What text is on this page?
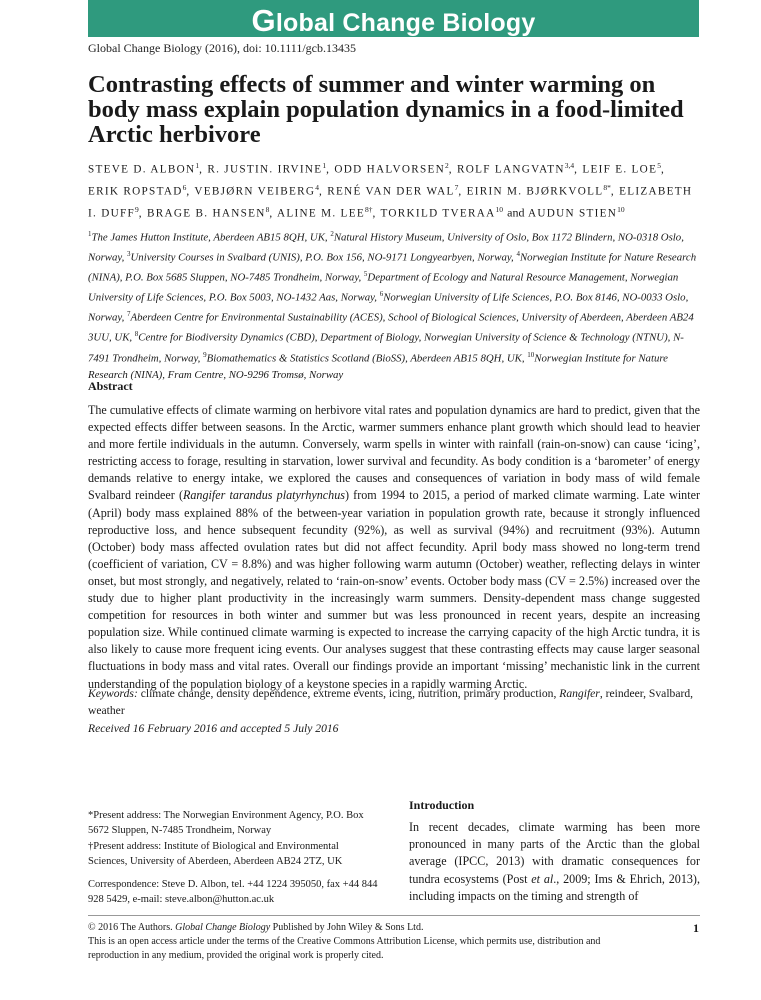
Global Change Biology
Global Change Biology (2016), doi: 10.1111/gcb.13435
Contrasting effects of summer and winter warming on body mass explain population dynamics in a food-limited Arctic herbivore
STEVE D. ALBON$^1$, R. JUSTIN. IRVINE$^1$, ODD HALVORSEN$^2$, ROLF LANGVATN$^{3,4}$, LEIF E. LOE$^5$, ERIK ROPSTAD$^6$, VEBJØRN VEIBERG$^4$, RENÉ VAN DER WAL$^7$, EIRIN M. $BJØRKVOLL^{8*}$, ELIZABETH I. DUFF$^9$, BRAGE B. HANSEN$^8$, ALINE M. $LEE^{8\dagger}$, TORKILD TVERAA$^{10}$ and AUDUN STIEN$^{10}$
$^1$The James Hutton Institute, Aberdeen AB15 8QH, UK, $^2$Natural History Museum, University of Oslo, Box 1172 Blindern, NO-0318 Oslo, Norway, $^3$University Courses in Svalbard (UNIS), P.O. Box 156, NO-9171 Longyearbyen, Norway, $^4$Norwegian Institute for Nature Research (NINA), P.O. Box 5685 Sluppen, NO-7485 Trondheim, Norway, $^5$Department of Ecology and Natural Resource Management, Norwegian University of Life Sciences, P.O. Box 5003, NO-1432 Aas, Norway, $^6$Norwegian University of Life Sciences, P.O. Box 8146, NO-0033 Oslo, Norway, $^7$Aberdeen Centre for Environmental Sustainability (ACES), School of Biological Sciences, University of Aberdeen, Aberdeen AB24 3UU, UK, $^8$Centre for Biodiversity Dynamics (CBD), Department of Biology, Norwegian University of Science & Technology (NTNU), N-7491 Trondheim, Norway, $^9$Biomathematics & Statistics Scotland (BioSS), Aberdeen AB15 8QH, UK, $^{10}$Norwegian Institute for Nature Research (NINA), Fram Centre, NO-9296 Tromsø, Norway
Abstract
The cumulative effects of climate warming on herbivore vital rates and population dynamics are hard to predict, given that the expected effects differ between seasons. In the Arctic, warmer summers enhance plant growth which should lead to heavier and more fertile individuals in the autumn. Conversely, warm spells in winter with rainfall (rain-on-snow) can cause ‘icing’, restricting access to forage, resulting in starvation, lower survival and fecundity. As body condition is a ‘barometer’ of energy demands relative to energy intake, we explored the causes and consequences of variation in body mass of wild female Svalbard reindeer (Rangifer tarandus platyrhynchus) from 1994 to 2015, a period of marked climate warming. Late winter (April) body mass explained 88% of the between-year variation in population growth rate, because it strongly influenced reproductive loss, and hence subsequent fecundity (92%), as well as survival (94%) and recruitment (93%). Autumn (October) body mass affected ovulation rates but did not affect fecundity. April body mass showed no long-term trend (coefficient of variation, CV = 8.8%) and was higher following warm autumn (October) weather, reflecting delays in winter onset, but most strongly, and negatively, related to ‘rain-on-snow’ events. October body mass (CV = 2.5%) increased over the study due to higher plant productivity in the increasingly warm summers. Density-dependent mass change suggested competition for resources in both winter and summer but was less pronounced in recent years, despite an increasing population size. While continued climate warming is expected to increase the carrying capacity of the high Arctic tundra, it is also likely to cause more frequent icing events. Our analyses suggest that these contrasting effects may cause larger seasonal fluctuations in body mass and vital rates. Overall our findings provide an important ‘missing’ mechanistic link in the current understanding of the population biology of a keystone species in a rapidly warming Arctic.
Keywords: climate change, density dependence, extreme events, icing, nutrition, primary production, Rangifer, reindeer, Svalbard, weather
Received 16 February 2016 and accepted 5 July 2016
*Present address: The Norwegian Environment Agency, P.O. Box 5672 Sluppen, N-7485 Trondheim, Norway
†Present address: Institute of Biological and Environmental Sciences, University of Aberdeen, Aberdeen AB24 2TZ, UK
Correspondence: Steve D. Albon, tel. +44 1224 395050, fax +44 844 928 5429, e-mail: steve.albon@hutton.ac.uk
Introduction
In recent decades, climate warming has been more pronounced in many parts of the Arctic than the global average (IPCC, 2013) with dramatic consequences for tundra ecosystems (Post et al., 2009; Ims & Ehrich, 2013), including impacts on the timing and strength of
© 2016 The Authors. Global Change Biology Published by John Wiley & Sons Ltd.
This is an open access article under the terms of the Creative Commons Attribution License, which permits use, distribution and reproduction in any medium, provided the original work is properly cited.
1
